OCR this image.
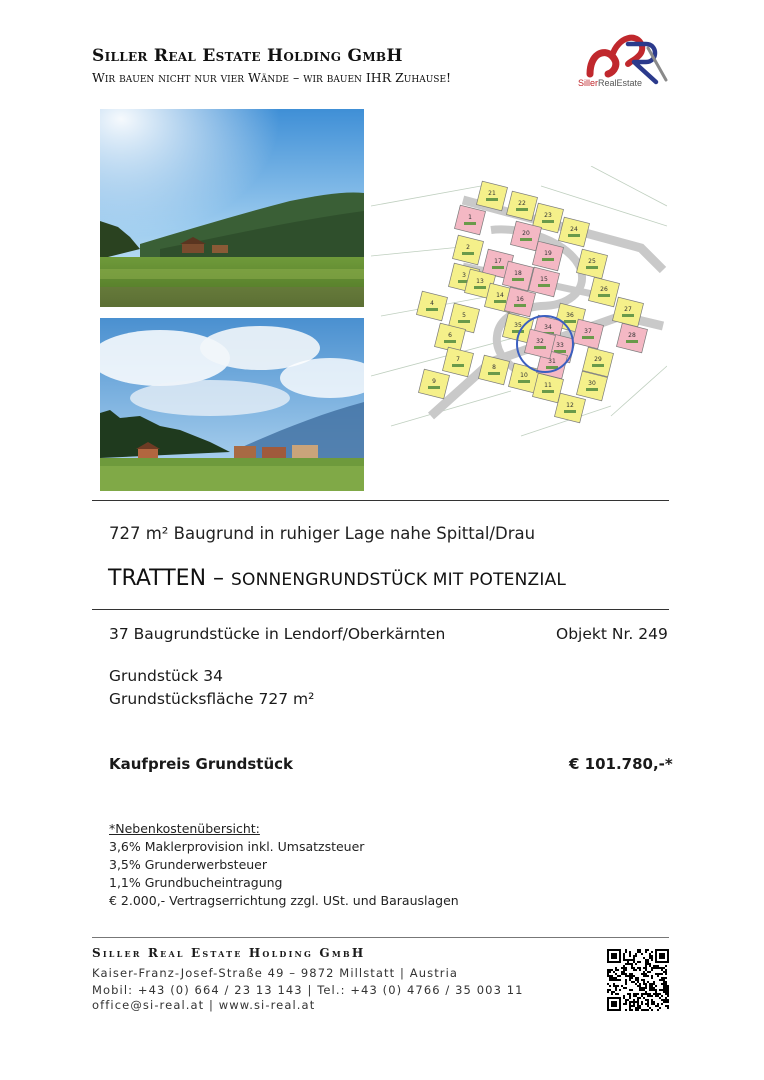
Siller Real Estate Holding GmbH
Wir bauen nicht nur vier Wände – wir bauen IHR Zuhause!	SillerRealEstate
21
22
23
24
1
20
19
17
2
25
18
15
3
13
14
26
4
5
27
36
6
35	34
33
28
37
7
8
10
11
29
30
9
12
31
32
16
727 m² Baugrund in ruhiger Lage nahe Spittal/Drau
TRATTEN – SONNENGRUNDSTÜCK MIT POTENZIAL
37 Baugrundstücke in Lendorf/Oberkärnten	Objekt Nr. 249
Grundstück 34
Grundstücksfläche 727 m²
Kaufpreis Grundstück	€ 101.780,-*
*Nebenkostenübersicht:
3,6% Maklerprovision inkl. Umsatzsteuer
3,5% Grunderwerbsteuer
1,1% Grundbucheintragung
€ 2.000,- Vertragserrichtung zzgl. USt. und Barauslagen
Siller Real Estate Holding GmbH
Kaiser-Franz-Josef-Straße 49 – 9872 Millstatt | Austria
Mobil: +43 (0) 664 / 23 13 143 | Tel.: +43 (0) 4766 / 35 003 11
office@si-real.at | www.si-real.at
